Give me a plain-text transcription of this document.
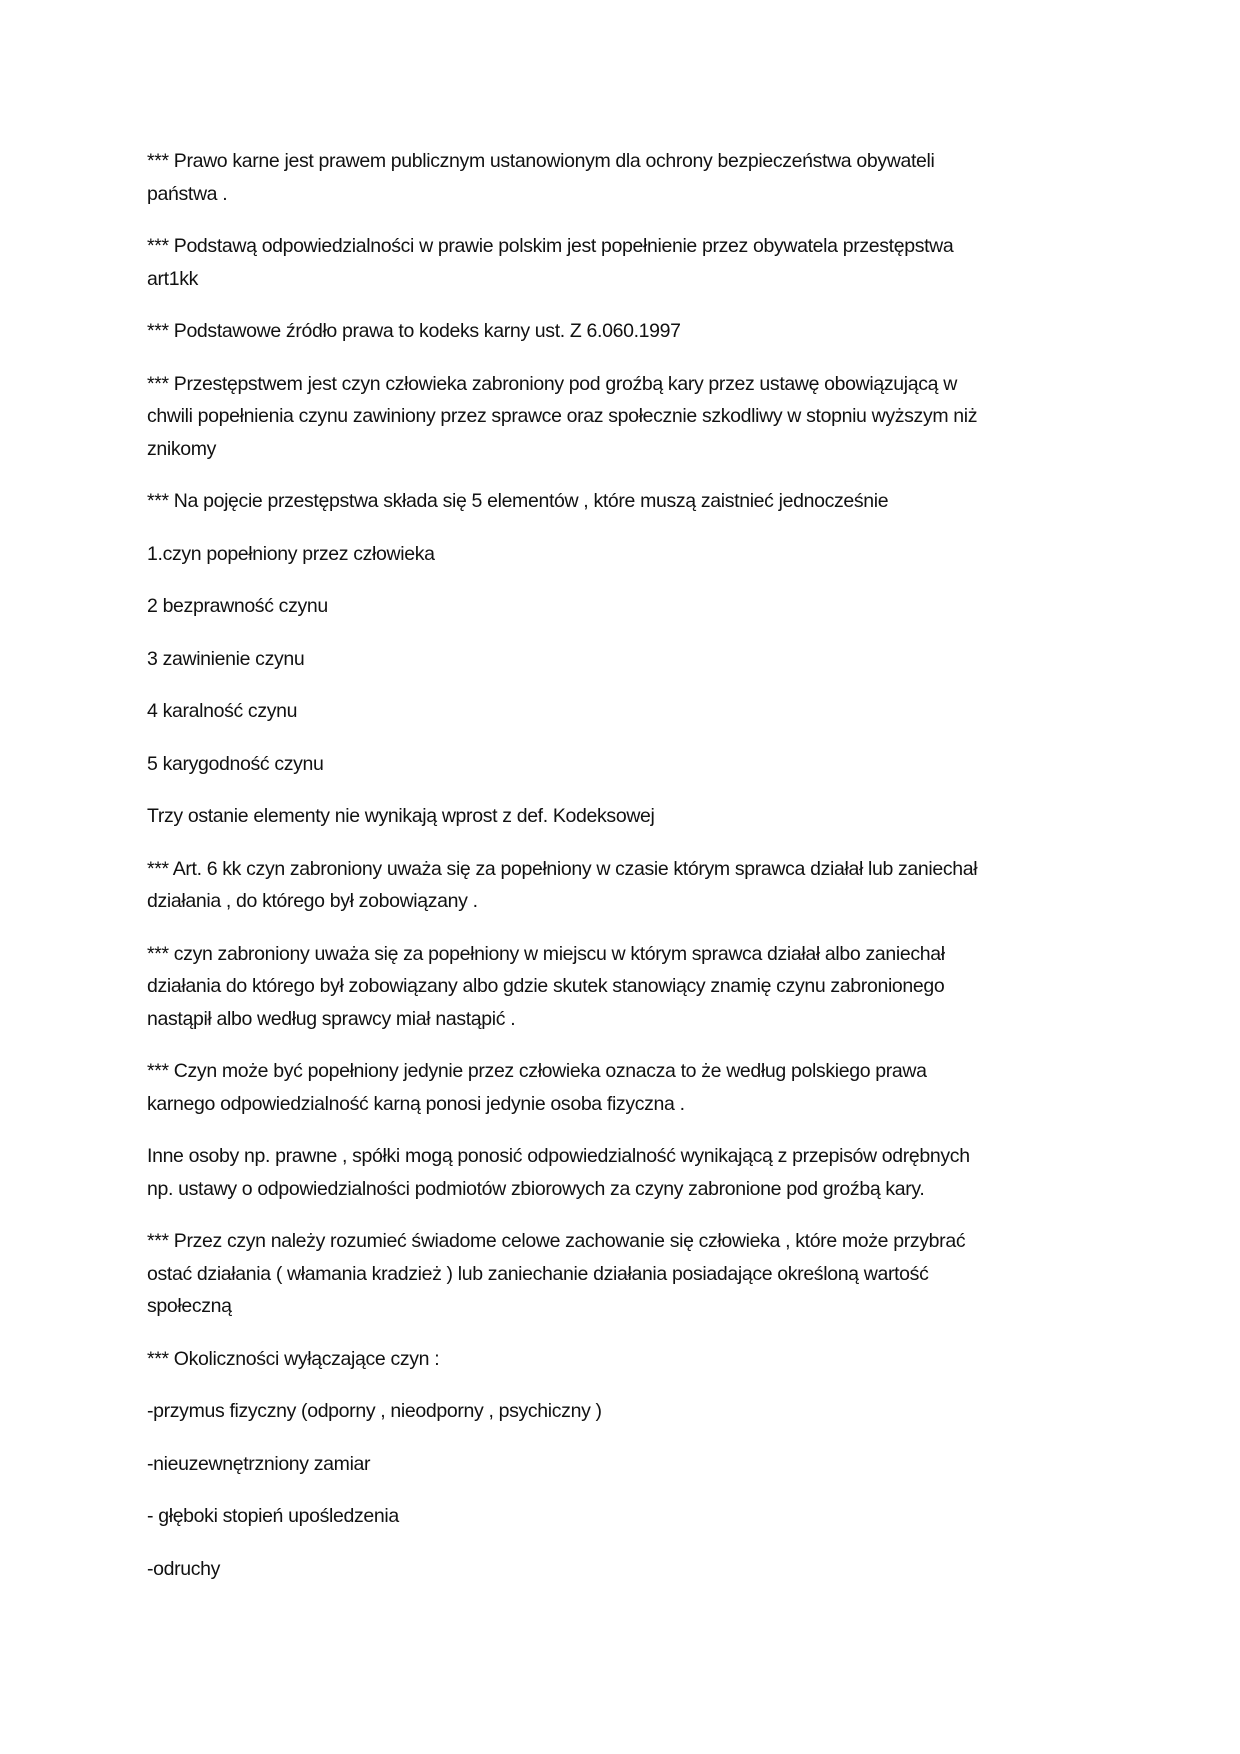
*** Prawo karne jest prawem publicznym ustanowionym dla ochrony bezpieczeństwa obywateli
państwa .

*** Podstawą odpowiedzialności w prawie polskim jest popełnienie przez obywatela przestępstwa
art1kk

*** Podstawowe źródło prawa to kodeks karny ust. Z 6.060.1997

*** Przestępstwem jest czyn człowieka zabroniony pod groźbą kary przez ustawę obowiązującą w
chwili popełnienia czynu zawiniony przez sprawce oraz społecznie szkodliwy w stopniu wyższym niż
znikomy

*** Na pojęcie przestępstwa składa się 5 elementów , które muszą zaistnieć jednocześnie

1.czyn popełniony przez człowieka

2 bezprawność czynu

3 zawinienie czynu

4 karalność czynu

5 karygodność czynu

Trzy ostanie elementy nie wynikają wprost z def. Kodeksowej

*** Art. 6 kk czyn zabroniony uważa się za popełniony w czasie którym sprawca działał lub zaniechał
działania , do którego był zobowiązany .

*** czyn zabroniony uważa się za popełniony w miejscu w którym sprawca działał albo zaniechał
działania do którego był zobowiązany albo gdzie skutek stanowiący znamię czynu zabronionego
nastąpił albo według sprawcy miał nastąpić .

*** Czyn może być popełniony jedynie przez człowieka oznacza to że według polskiego prawa
karnego odpowiedzialność karną ponosi jedynie osoba fizyczna .

Inne osoby np. prawne , spółki mogą ponosić odpowiedzialność wynikającą z przepisów odrębnych
np. ustawy o odpowiedzialności podmiotów zbiorowych za czyny zabronione pod groźbą kary.

*** Przez czyn należy rozumieć świadome celowe zachowanie się człowieka , które może przybrać
ostać działania ( włamania kradzież ) lub zaniechanie działania posiadające określoną wartość
społeczną

*** Okoliczności wyłączające czyn :

-przymus fizyczny (odporny , nieodporny , psychiczny )

-nieuzewnętrzniony zamiar

- głęboki stopień upośledzenia

-odruchy
